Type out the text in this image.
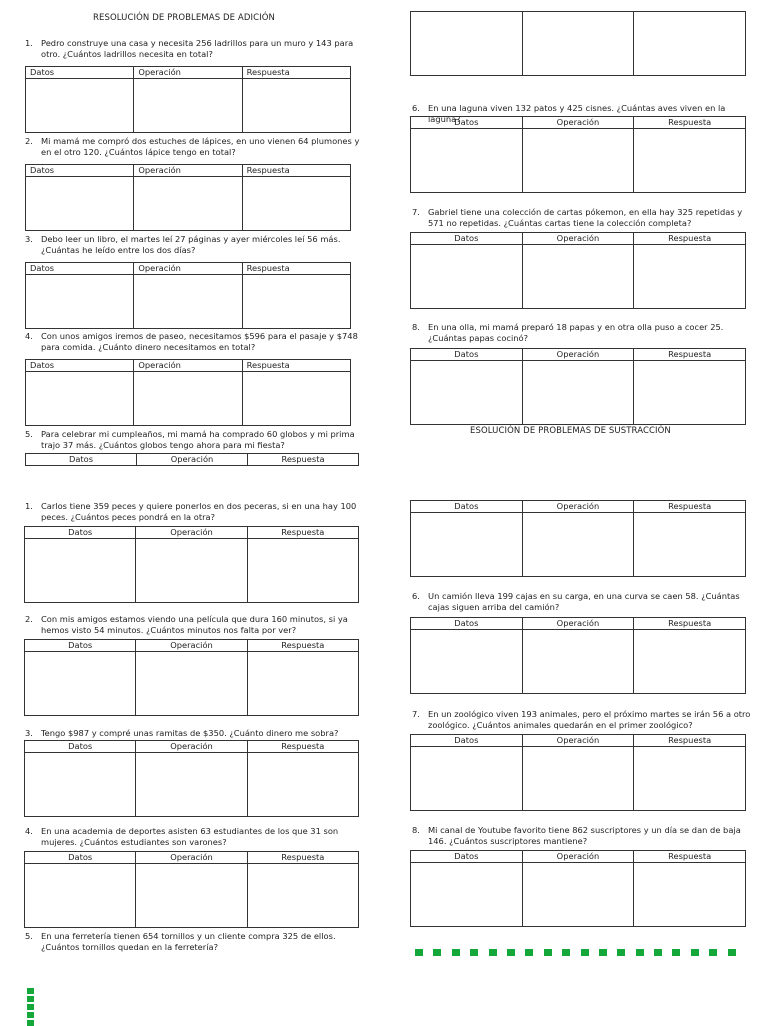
RESOLUCIÓN DE PROBLEMAS DE ADICIÓN
1. Pedro construye una casa y necesita 256 ladrillos para un muro y 143 para otro. ¿Cuántos ladrillos necesita en total?
Datos	Operación	Respuesta

2. Mi mamá me compró dos estuches de lápices, en uno vienen 64 plumones y en el otro 120. ¿Cuántos lápice tengo en total?
Datos	Operación	Respuesta

3. Debo leer un libro, el martes leí 27 páginas y ayer miércoles leí 56 más. ¿Cuántas he leído entre los dos días?
Datos	Operación	Respuesta

4. Con unos amigos iremos de paseo, necesitamos $596 para el pasaje y $748 para comida. ¿Cuánto dinero necesitamos en total?
Datos	Operación	Respuesta

5. Para celebrar mi cumpleaños, mi mamá ha comprado 60 globos y mi prima trajo 37 más. ¿Cuántos globos tengo ahora para mi fiesta?
Datos	Operación	Respuesta

6. En una laguna viven 132 patos y 425 cisnes. ¿Cuántas aves viven en la laguna?
Datos	Operación	Respuesta

7. Gabriel tiene una colección de cartas pókemon, en ella hay 325 repetidas y 571 no repetidas. ¿Cuántas cartas tiene la colección completa?
Datos	Operación	Respuesta

8. En una olla, mi mamá preparó 18 papas y en otra olla puso a cocer 25. ¿Cuántas papas cocinó?
Datos	Operación	Respuesta

ESOLUCIÓN DE PROBLEMAS DE SUSTRACCIÓN
1. Carlos tiene 359 peces y quiere ponerlos en dos peceras, si en una hay 100 peces. ¿Cuántos peces pondrá en la otra?
Datos	Operación	Respuesta

2. Con mis amigos estamos viendo una película que dura 160 minutos, si ya hemos visto 54 minutos. ¿Cuántos minutos nos falta por ver?
Datos	Operación	Respuesta

3. Tengo $987 y compré unas ramitas de $350. ¿Cuánto dinero me sobra?
Datos	Operación	Respuesta

4. En una academia de deportes asisten 63 estudiantes de los que 31 son mujeres. ¿Cuántos estudiantes son varones?
Datos	Operación	Respuesta

5. En una ferretería tienen 654 tornillos y un cliente compra 325 de ellos. ¿Cuántos tornillos quedan en la ferretería?
Datos	Operación	Respuesta

6. Un camión lleva 199 cajas en su carga, en una curva se caen 58. ¿Cuántas cajas siguen arriba del camión?
Datos	Operación	Respuesta

7. En un zoológico viven 193 animales, pero el próximo martes se irán 56 a otro zoológico. ¿Cuántos animales quedarán en el primer zoológico?
Datos	Operación	Respuesta

8. Mi canal de Youtube favorito tiene 862 suscriptores y un día se dan de baja 146. ¿Cuántos suscriptores mantiene?
Datos	Operación	Respuesta
